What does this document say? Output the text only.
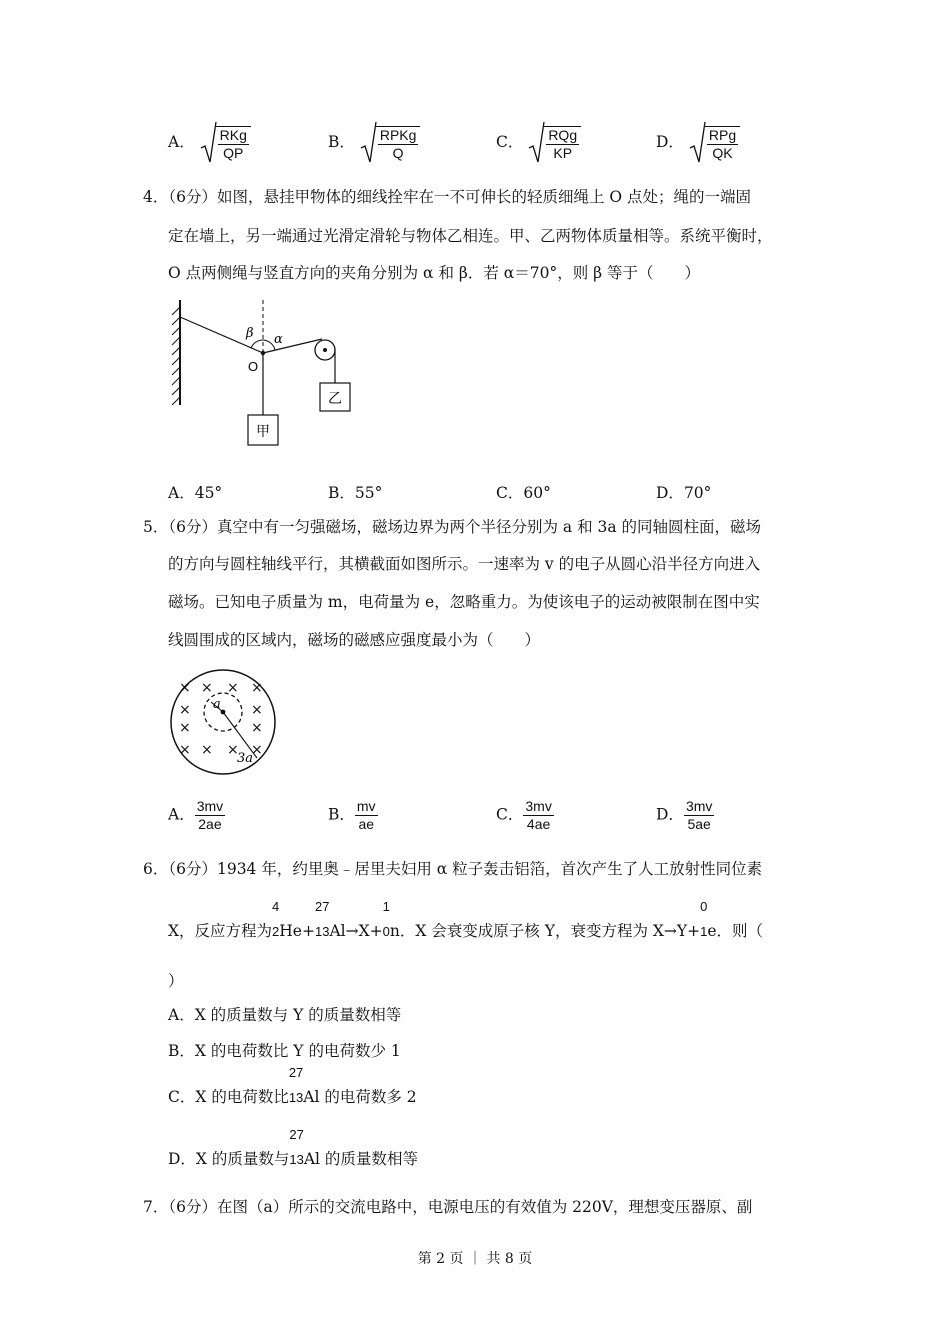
A． $\frac{\text{RKg}}{QP}$	B． $\frac{\text{RPKg}}{Q}$	C． $\frac{\text{RQg}}{KP}$	D． $\frac{\text{RPg}}{QK}$
4．（6分）如图，悬挂甲物体的细线拴牢在一不可伸长的轻质细绳上 O 点处；绳的一端固
定在墙上，另一端通过光滑定滑轮与物体乙相连。甲、乙两物体质量相等。系统平衡时，
O 点两侧绳与竖直方向的夹角分别为 α 和 β．若 α＝70°，则 β 等于（　　）
β α
O
乙
甲
A．45°	B．55°	C．60°	D．70°
5．（6分）真空中有一匀强磁场，磁场边界为两个半径分别为 a 和 3a 的同轴圆柱面，磁场
的方向与圆柱轴线平行，其横截面如图所示。一速率为 v 的电子从圆心沿半径方向进入
磁场。已知电子质量为 m，电荷量为 e，忽略重力。为使该电子的运动被限制在图中实
线圆围成的区域内，磁场的磁感应强度最小为（　　）
× × × ×
×	×
×	×
× × × ×
a
3a
A． $\frac{3mv}{2ae}$	B． $\frac{mv}{ae}$	C． $\frac{3mv}{4ae}$	D． $\frac{3mv}{5ae}$
6．（6分）1934 年，约里奥﹣居里夫妇用 α 粒子轰击铝箔，首次产生了人工放射性同位素
X，反应方程为
4
2He+
27
13Al→X+
1
0n．X 会衰变成原子核 Y，衰变方程为 X→Y+
0
1e．则（
）
A．X 的质量数与 Y 的质量数相等
B．X 的电荷数比 Y 的电荷数少 1
C．X 的电荷数比
27
13Al 的电荷数多 2
D．X 的质量数与
27
13Al 的质量数相等
7．（6分）在图（a）所示的交流电路中，电源电压的有效值为 220V，理想变压器原、副
第 2 页 ｜ 共 8 页
